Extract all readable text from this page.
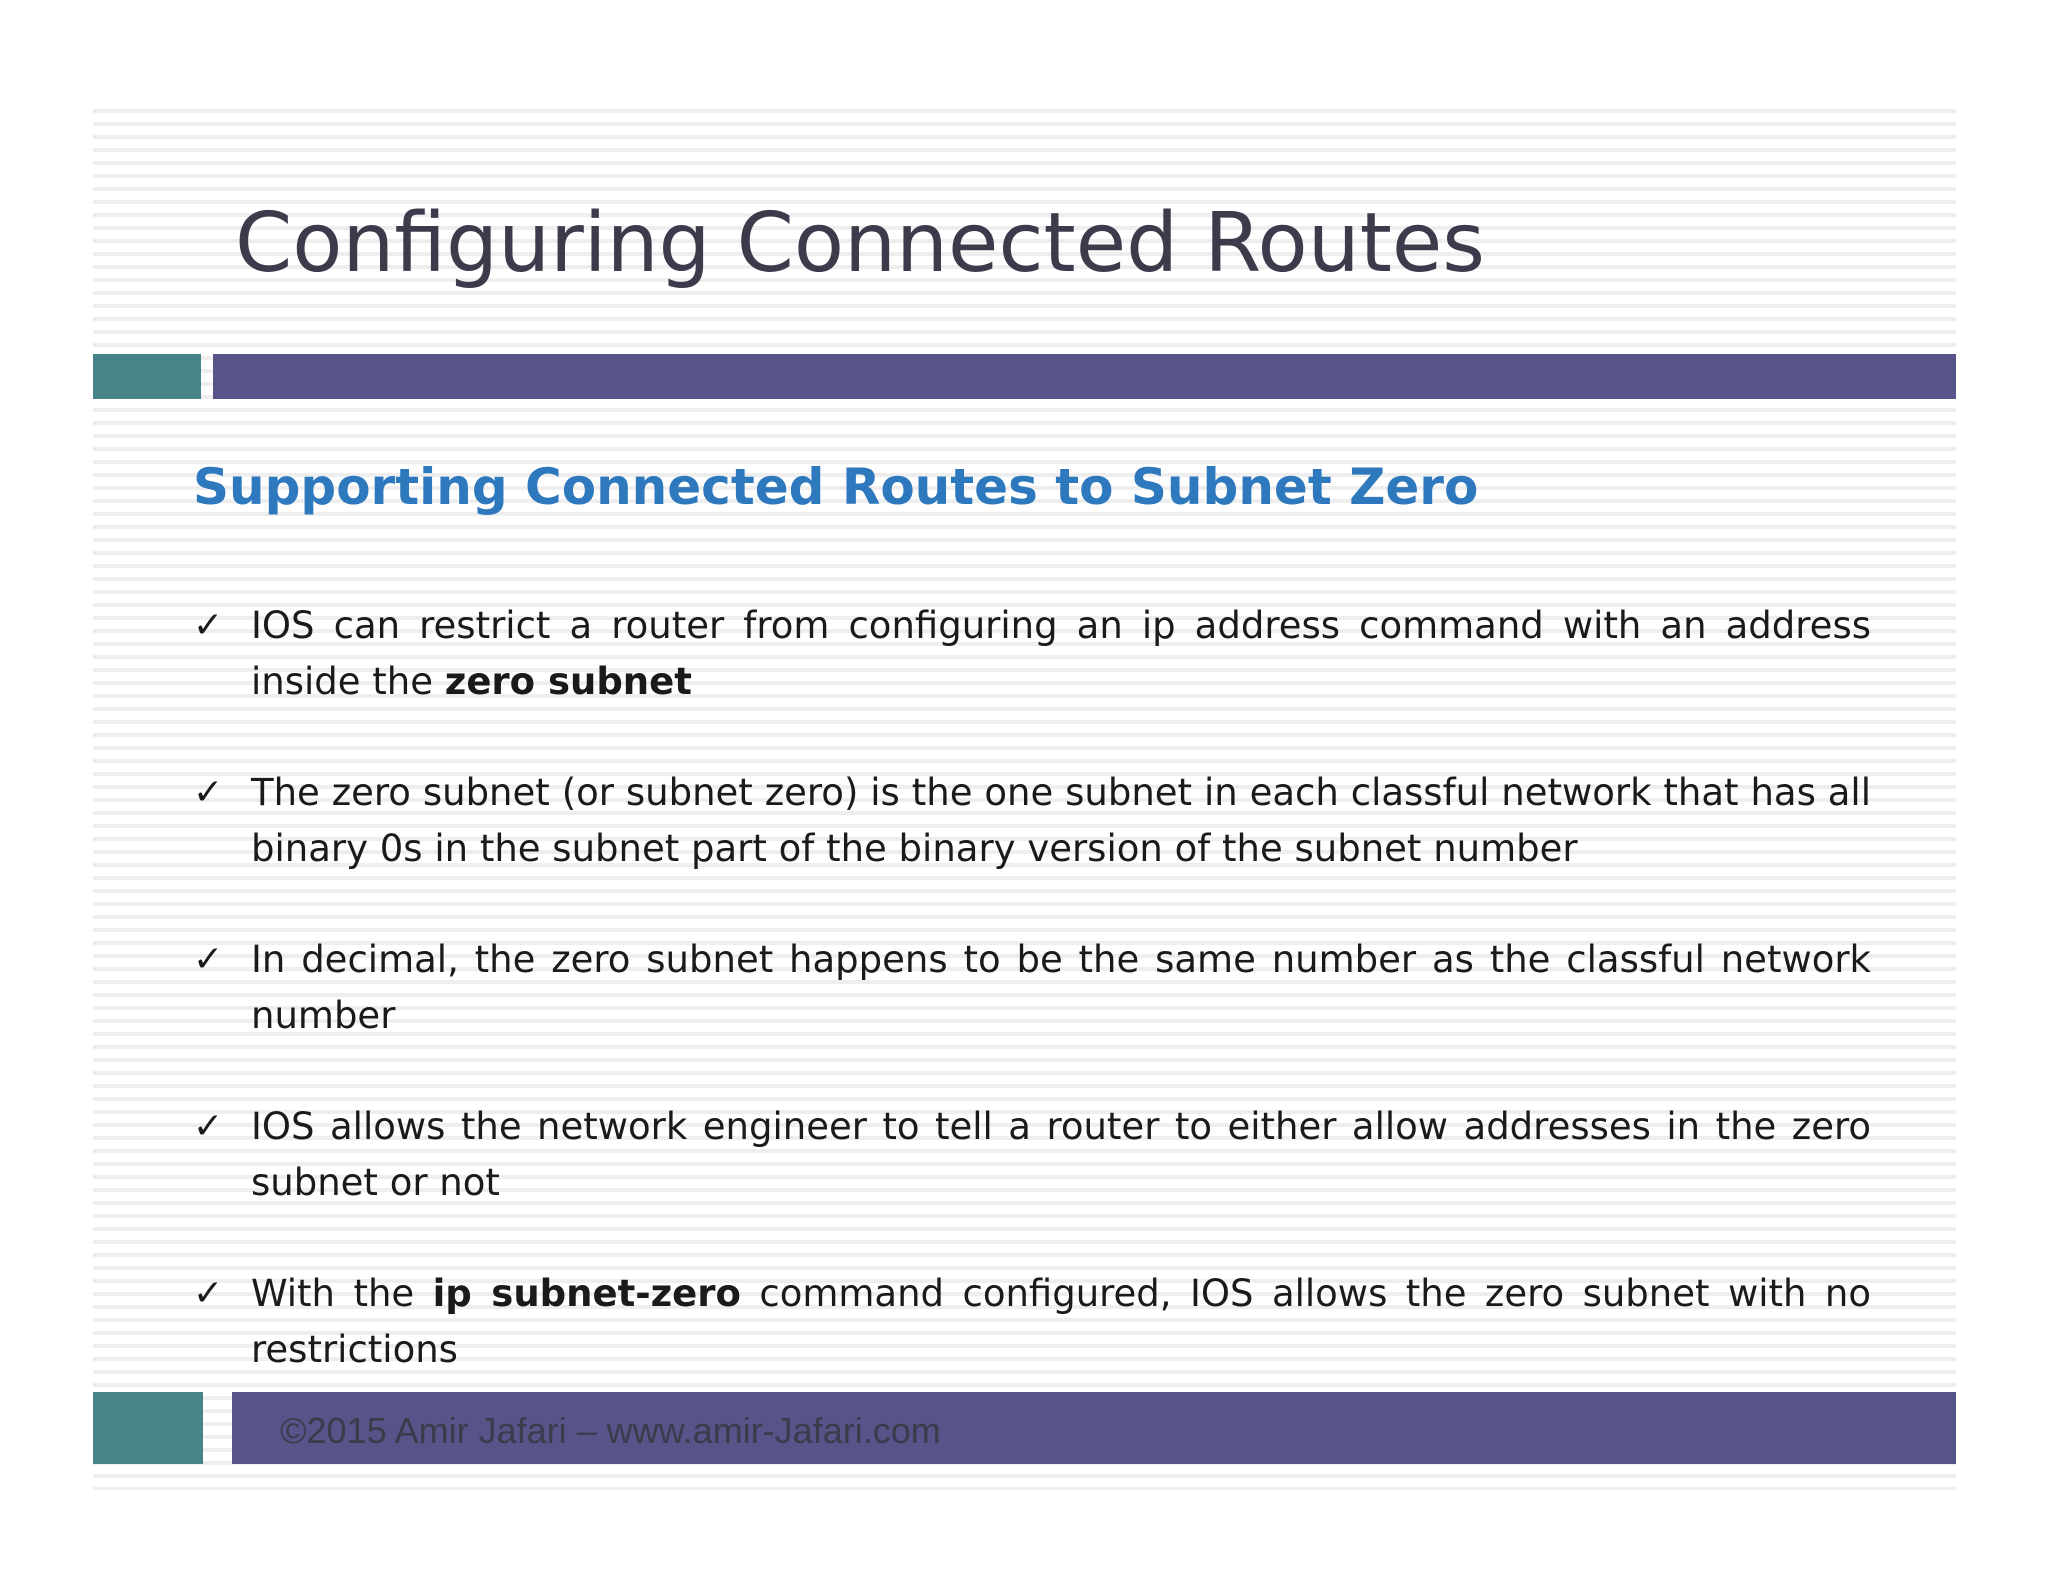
Configuring Connected Routes
Supporting Connected Routes to Subnet Zero
✓ IOS can restrict a router from configuring an ip address command with an address inside the zero subnet
✓ The zero subnet (or subnet zero) is the one subnet in each classful network that has all binary 0s in the subnet part of the binary version of the subnet number
✓ In decimal, the zero subnet happens to be the same number as the classful network number
✓ IOS allows the network engineer to tell a router to either allow addresses in the zero subnet or not
✓ With the ip subnet-zero command configured, IOS allows the zero subnet with no restrictions
©2015 Amir Jafari – www.amir-Jafari.com
